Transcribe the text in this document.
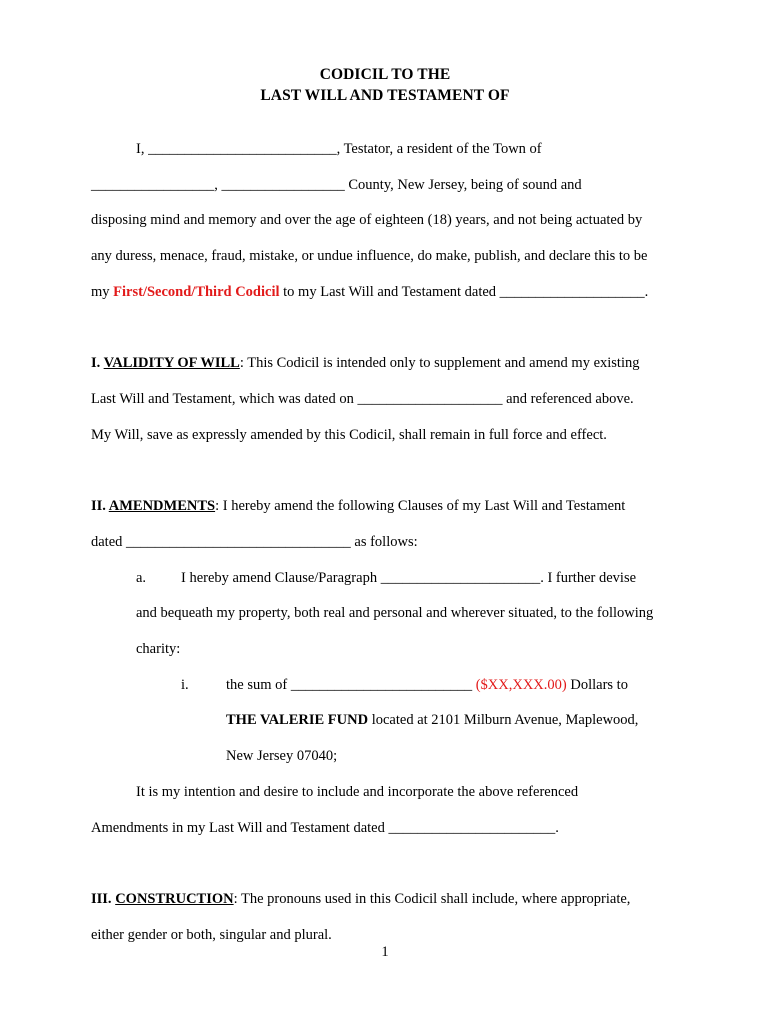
CODICIL TO THE
LAST WILL AND TESTAMENT OF
I, __________________________, Testator, a resident of the Town of
_________________, _________________ County, New Jersey, being of sound and
disposing mind and memory and over the age of eighteen (18) years, and not being actuated by
any duress, menace, fraud, mistake, or undue influence, do make, publish, and declare this to be
my First/Second/Third Codicil to my Last Will and Testament dated ____________________.
I. VALIDITY OF WILL: This Codicil is intended only to supplement and amend my existing
Last Will and Testament, which was dated on ____________________ and referenced above.
My Will, save as expressly amended by this Codicil, shall remain in full force and effect.
II. AMENDMENTS: I hereby amend the following Clauses of my Last Will and Testament
dated _______________________________ as follows:
a. I hereby amend Clause/Paragraph ______________________. I further devise
and bequeath my property, both real and personal and wherever situated, to the following
charity:
i.	the sum of _________________________ ($XX,XXX.00) Dollars to
THE VALERIE FUND located at 2101 Milburn Avenue, Maplewood,
New Jersey 07040;
It is my intention and desire to include and incorporate the above referenced
Amendments in my Last Will and Testament dated _______________________.
III. CONSTRUCTION: The pronouns used in this Codicil shall include, where appropriate,
either gender or both, singular and plural.
1
